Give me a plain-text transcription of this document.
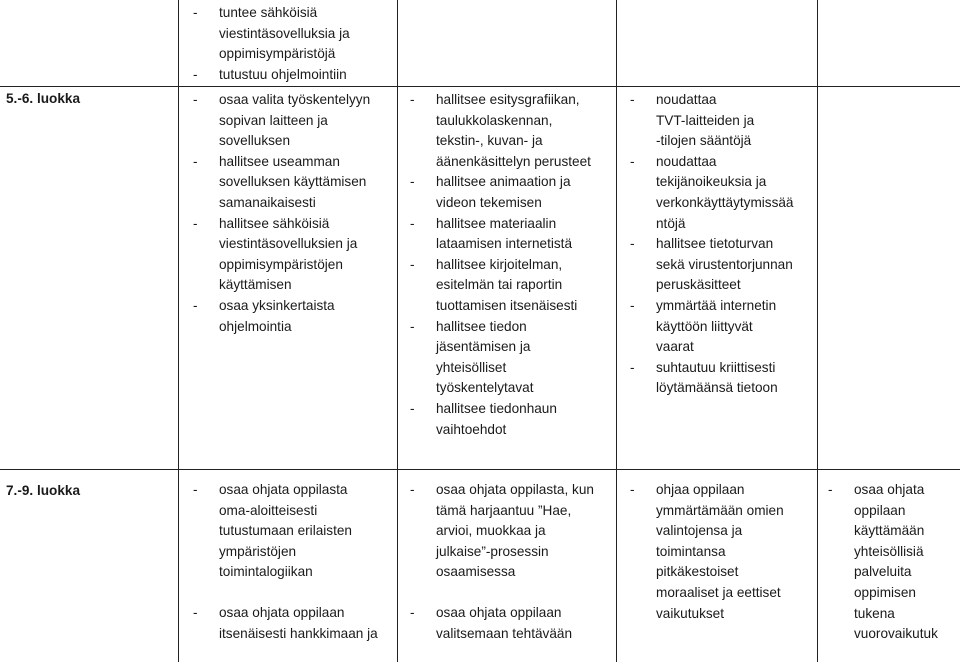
- tuntee sähköisiä
viestintäsovelluksia ja
oppimisympäristöjä
- tutustuu ohjelmointiin
5.-6. luokka	- osaa valita työskentelyyn
sopivan laitteen ja
sovelluksen
- hallitsee useamman
sovelluksen käyttämisen
samanaikaisesti
- hallitsee sähköisiä
viestintäsovelluksien ja
oppimisympäristöjen
käyttämisen
- osaa yksinkertaista
ohjelmointia
- hallitsee esitysgrafiikan,
taulukkolaskennan,
tekstin-, kuvan- ja
äänenkäsittelyn perusteet
- hallitsee animaation ja
videon tekemisen
- hallitsee materiaalin
lataamisen internetistä
- hallitsee kirjoitelman,
esitelmän tai raportin
tuottamisen itsenäisesti
- hallitsee tiedon
jäsentämisen ja
yhteisölliset
työskentelytavat
- hallitsee tiedonhaun
vaihtoehdot
- noudattaa
TVT-laitteiden ja
-tilojen sääntöjä
- noudattaa
tekijänoikeuksia ja
verkonkäyttäytymissää
ntöjä
- hallitsee tietoturvan
sekä virustentorjunnan
peruskäsitteet
- ymmärtää internetin
käyttöön liittyvät
vaarat
- suhtautuu kriittisesti
löytämäänsä tietoon
7.-9. luokka	- osaa ohjata oppilasta
oma-aloitteisesti
tutustumaan erilaisten
ympäristöjen
toimintalogiikan
- osaa ohjata oppilaan
itsenäisesti hankkimaan ja
- osaa ohjata oppilasta, kun
tämä harjaantuu ”Hae,
arvioi, muokkaa ja
julkaise”-prosessin
osaamisessa
- osaa ohjata oppilaan
valitsemaan tehtävään
- ohjaa oppilaan
ymmärtämään omien
valintojensa ja
toimintansa
pitkäkestoiset
moraaliset ja eettiset
vaikutukset
- osaa ohjata
oppilaan
käyttämään
yhteisöllisiä
palveluita
oppimisen
tukena
vuorovaikutuk
